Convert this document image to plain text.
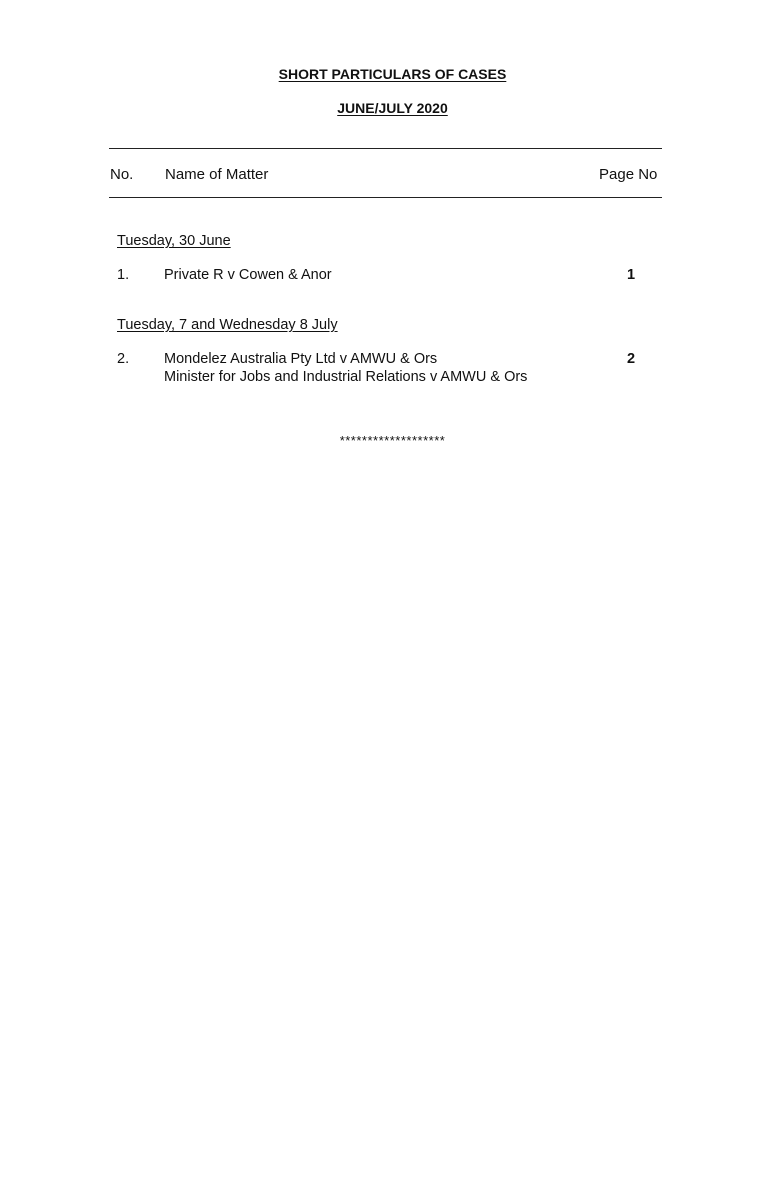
SHORT PARTICULARS OF CASES
JUNE/JULY 2020
No. Name of Matter	Page No
Tuesday, 30 June
1. Private R v Cowen & Anor	1
Tuesday, 7 and Wednesday 8 July
2. Mondelez Australia Pty Ltd v AMWU & Ors
Minister for Jobs and Industrial Relations v AMWU & Ors
2
*******************
